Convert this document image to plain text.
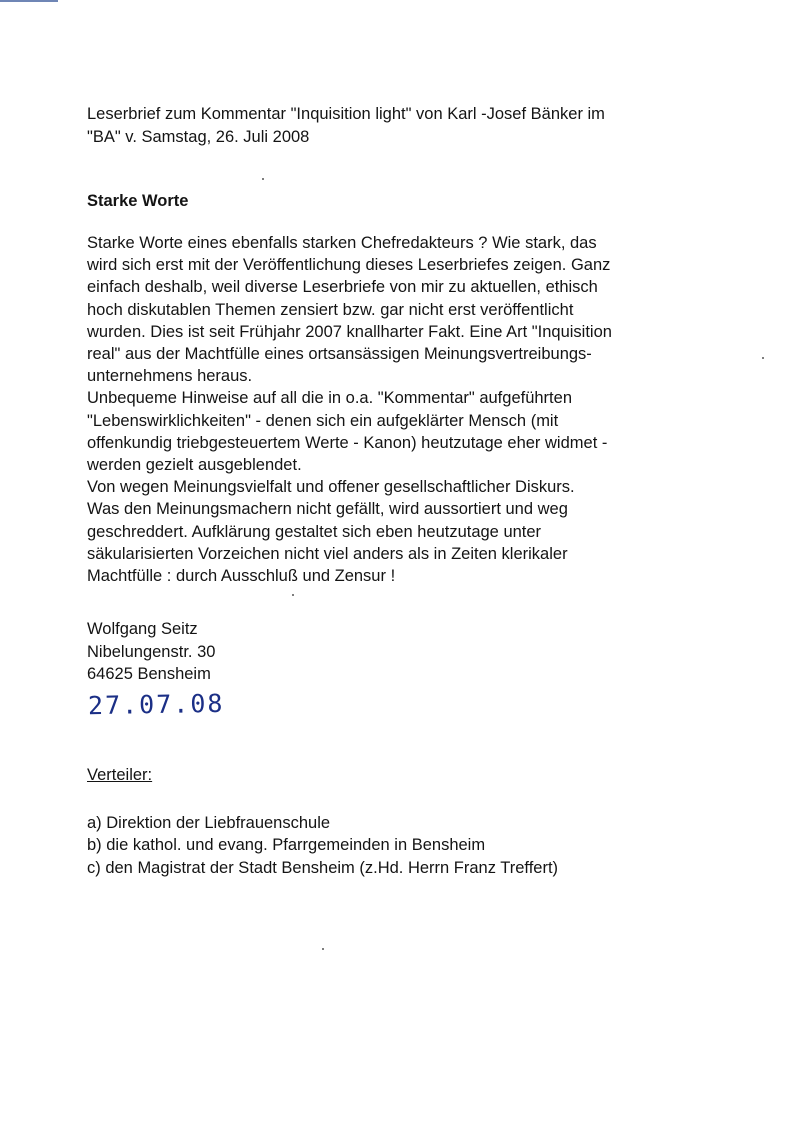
Leserbrief zum Kommentar "Inquisition light" von Karl -Josef Bänker im
"BA" v. Samstag, 26. Juli 2008
Starke Worte
Starke Worte eines ebenfalls starken Chefredakteurs ? Wie stark, das
wird sich erst mit der Veröffentlichung dieses Leserbriefes zeigen. Ganz
einfach deshalb, weil diverse Leserbriefe von mir zu aktuellen, ethisch
hoch diskutablen Themen zensiert bzw. gar nicht erst veröffentlicht
wurden. Dies ist seit Frühjahr 2007 knallharter Fakt. Eine Art "Inquisition
real" aus der Machtfülle eines ortsansässigen Meinungsvertreibungs-
unternehmens heraus.
Unbequeme Hinweise auf all die in o.a. "Kommentar" aufgeführten
"Lebenswirklichkeiten" - denen sich ein aufgeklärter Mensch (mit
offenkundig triebgesteuertem Werte - Kanon) heutzutage eher widmet -
werden gezielt ausgeblendet.
Von wegen Meinungsvielfalt und offener gesellschaftlicher Diskurs.
Was den Meinungsmachern nicht gefällt, wird aussortiert und weg
geschreddert. Aufklärung gestaltet sich eben heutzutage unter
säkularisierten Vorzeichen nicht viel anders als in Zeiten klerikaler
Machtfülle : durch Ausschluß und Zensur !
Wolfgang Seitz
Nibelungenstr. 30
64625 Bensheim
27.07.08
Verteiler:
a) Direktion der Liebfrauenschule
b) die kathol. und evang. Pfarrgemeinden in Bensheim
c) den Magistrat der Stadt Bensheim (z.Hd. Herrn Franz Treffert)
